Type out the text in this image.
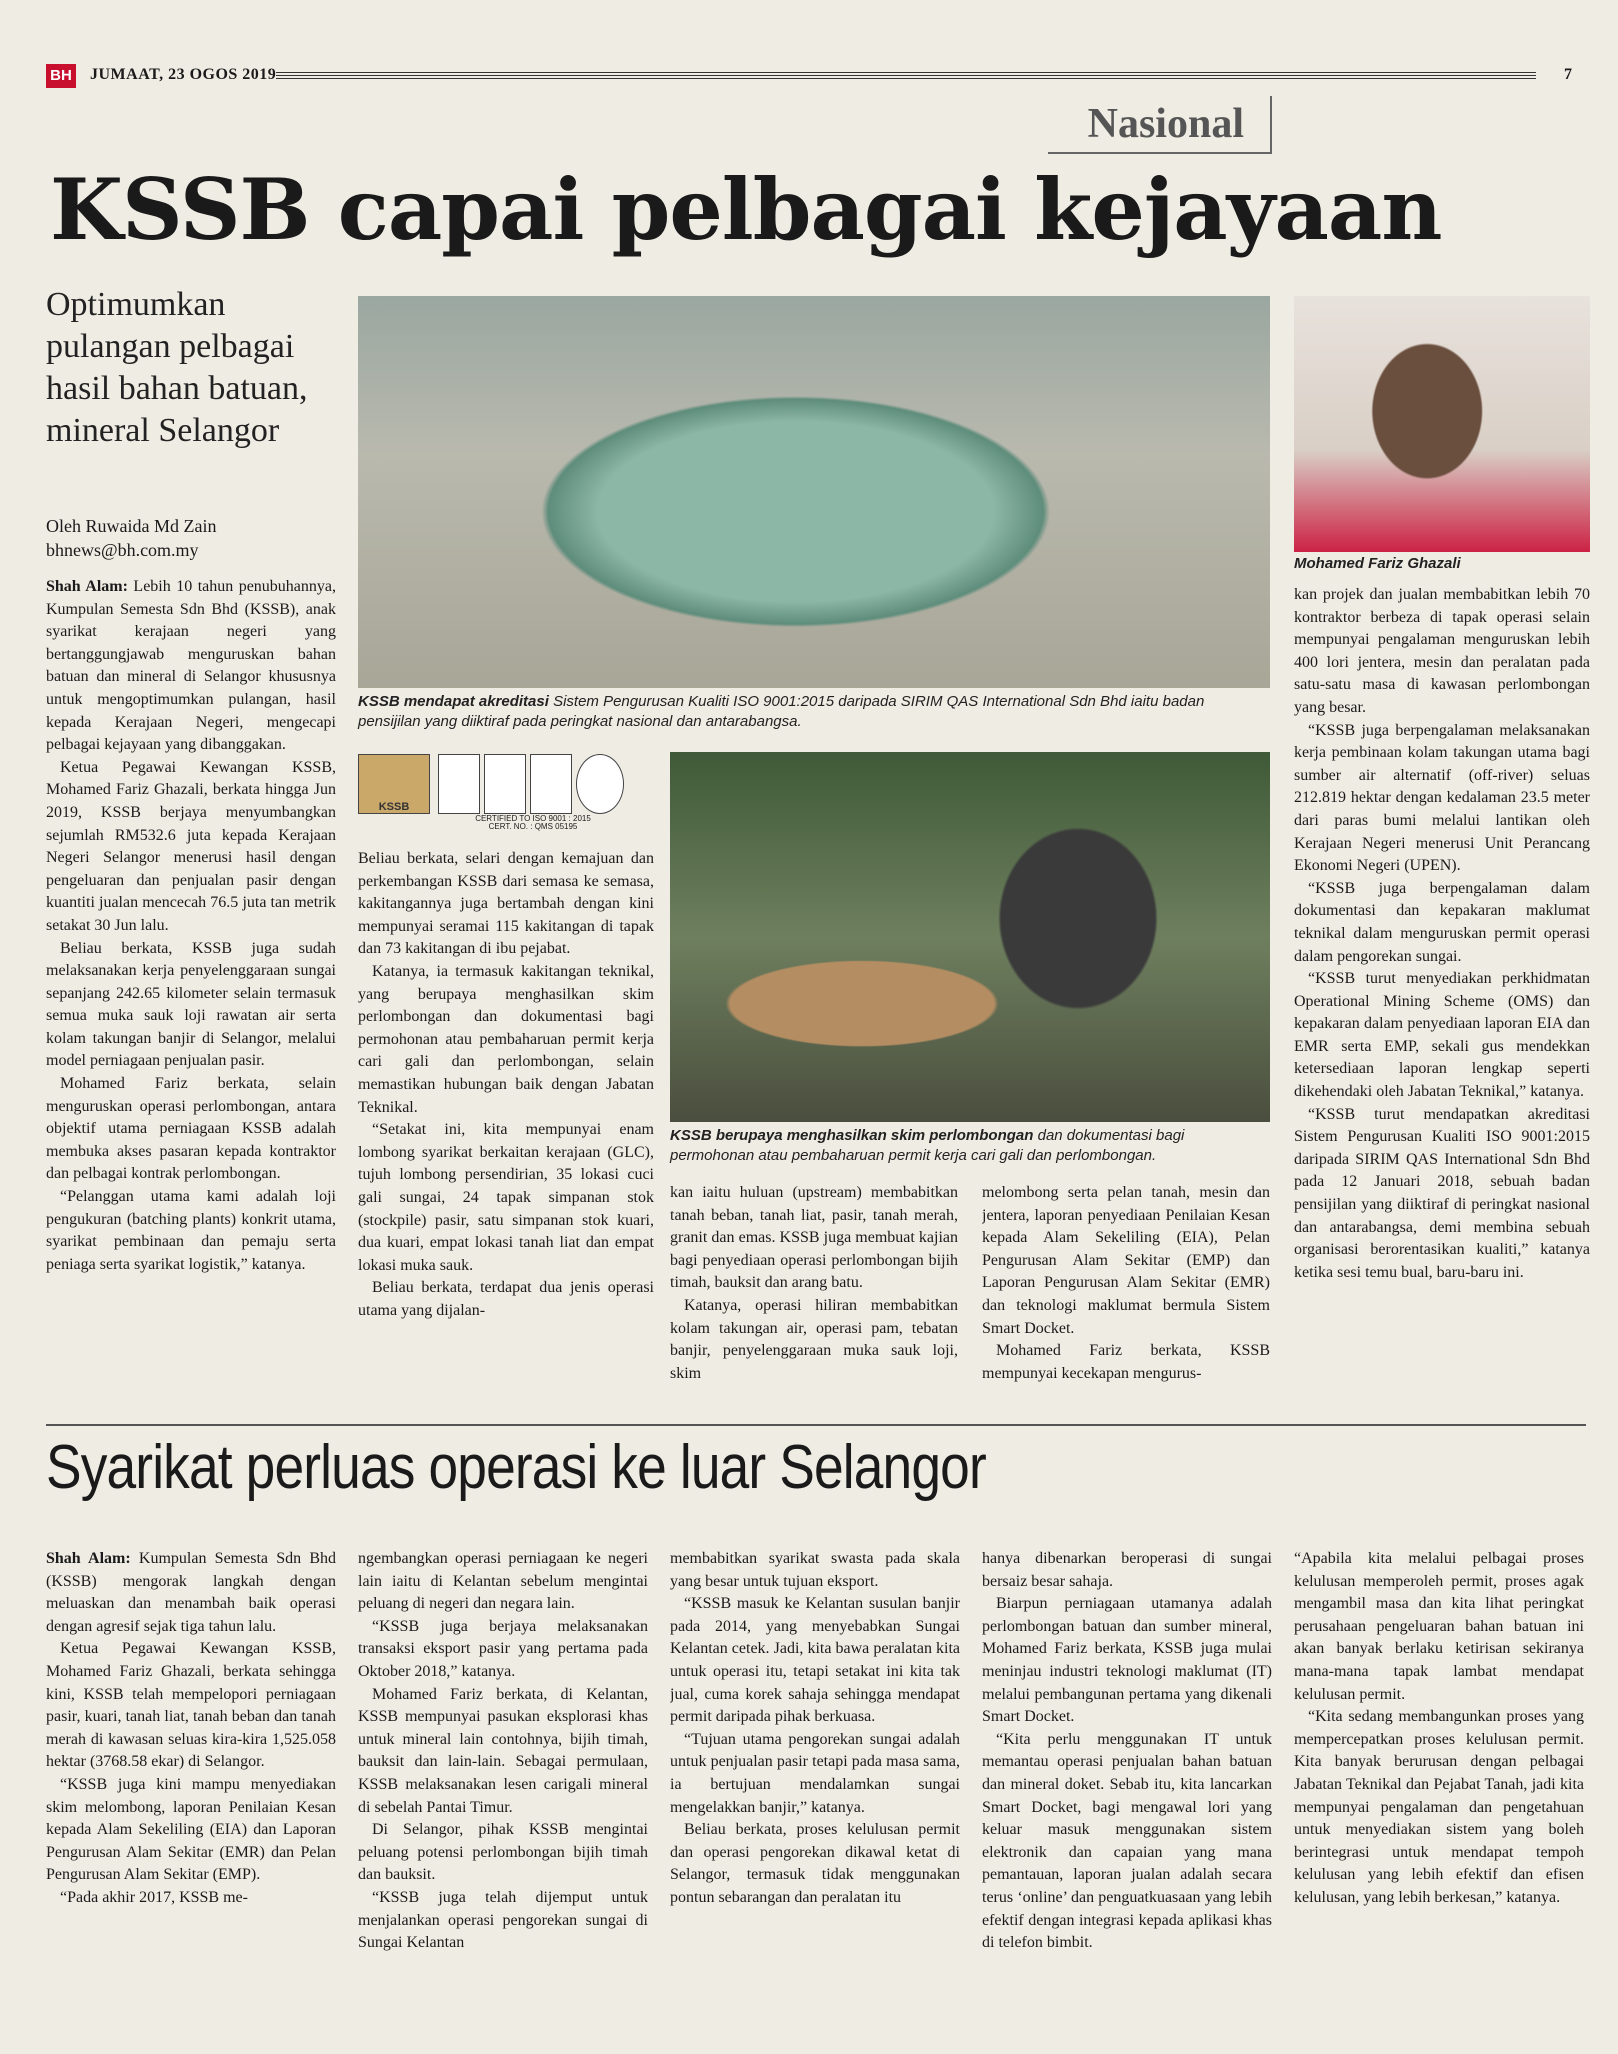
BH JUMAAT, 23 OGOS 2019	7
Nasional
KSSB capai pelbagai kejayaan
Optimumkan pulangan pelbagai hasil bahan batuan, mineral Selangor
Oleh Ruwaida Md Zain
bhnews@bh.com.my
KSSB mendapat akreditasi Sistem Pengurusan Kualiti ISO 9001:2015 daripada SIRIM QAS International Sdn Bhd iaitu badan pensijilan yang diiktiraf pada peringkat nasional dan antarabangsa.
Mohamed Fariz Ghazali
KSSB
CERTIFIED TO ISO 9001 : 2015
CERT. NO. : QMS 05195
KSSB berupaya menghasilkan skim perlombongan dan dokumentasi bagi permohonan atau pembaharuan permit kerja cari gali dan perlombongan.

Shah Alam: Lebih 10 tahun penubuhannya, Kumpulan Semesta Sdn Bhd (KSSB), anak syarikat kerajaan negeri yang bertanggungjawab menguruskan bahan batuan dan mineral di Selangor khususnya untuk mengoptimumkan pulangan, hasil kepada Kerajaan Negeri, mengecapi pelbagai kejayaan yang dibanggakan.

Ketua Pegawai Kewangan KSSB, Mohamed Fariz Ghazali, berkata hingga Jun 2019, KSSB berjaya menyumbangkan sejumlah RM532.6 juta kepada Kerajaan Negeri Selangor menerusi hasil dengan pengeluaran dan penjualan pasir dengan kuantiti jualan mencecah 76.5 juta tan metrik setakat 30 Jun lalu.

Beliau berkata, KSSB juga sudah melaksanakan kerja penyelenggaraan sungai sepanjang 242.65 kilometer selain termasuk semua muka sauk loji rawatan air serta kolam takungan banjir di Selangor, melalui model perniagaan penjualan pasir.

Mohamed Fariz berkata, selain menguruskan operasi perlombongan, antara objektif utama perniagaan KSSB adalah membuka akses pasaran kepada kontraktor dan pelbagai kontrak perlombongan.

“Pelanggan utama kami adalah loji pengukuran (batching plants) konkrit utama, syarikat pembinaan dan pemaju serta peniaga serta syarikat logistik,” katanya.

Beliau berkata, selari dengan kemajuan dan perkembangan KSSB dari semasa ke semasa, kakitangannya juga bertambah dengan kini mempunyai seramai 115 kakitangan di tapak dan 73 kakitangan di ibu pejabat.

Katanya, ia termasuk kakitangan teknikal, yang berupaya menghasilkan skim perlombongan dan dokumentasi bagi permohonan atau pembaharuan permit kerja cari gali dan perlombongan, selain memastikan hubungan baik dengan Jabatan Teknikal.

“Setakat ini, kita mempunyai enam lombong syarikat berkaitan kerajaan (GLC), tujuh lombong persendirian, 35 lokasi cuci gali sungai, 24 tapak simpanan stok (stockpile) pasir, satu simpanan stok kuari, dua kuari, empat lokasi tanah liat dan empat lokasi muka sauk.

Beliau berkata, terdapat dua jenis operasi utama yang dijalan-

kan iaitu huluan (upstream) membabitkan tanah beban, tanah liat, pasir, tanah merah, granit dan emas. KSSB juga membuat kajian bagi penyediaan operasi perlombongan bijih timah, bauksit dan arang batu.

Katanya, operasi hiliran membabitkan kolam takungan air, operasi pam, tebatan banjir, penyelenggaraan muka sauk loji, skim

melombong serta pelan tanah, mesin dan jentera, laporan penyediaan Penilaian Kesan kepada Alam Sekeliling (EIA), Pelan Pengurusan Alam Sekitar (EMP) dan Laporan Pengurusan Alam Sekitar (EMR) dan teknologi maklumat bermula Sistem Smart Docket.

Mohamed Fariz berkata, KSSB mempunyai kecekapan mengurus-

kan projek dan jualan membabitkan lebih 70 kontraktor berbeza di tapak operasi selain mempunyai pengalaman menguruskan lebih 400 lori jentera, mesin dan peralatan pada satu-satu masa di kawasan perlombongan yang besar.

“KSSB juga berpengalaman melaksanakan kerja pembinaan kolam takungan utama bagi sumber air alternatif (off-river) seluas 212.819 hektar dengan kedalaman 23.5 meter dari paras bumi melalui lantikan oleh Kerajaan Negeri menerusi Unit Perancang Ekonomi Negeri (UPEN).

“KSSB juga berpengalaman dalam dokumentasi dan kepakaran maklumat teknikal dalam menguruskan permit operasi dalam pengorekan sungai.

“KSSB turut menyediakan perkhidmatan Operational Mining Scheme (OMS) dan kepakaran dalam penyediaan laporan EIA dan EMR serta EMP, sekali gus mendekkan ketersediaan laporan lengkap seperti dikehendaki oleh Jabatan Teknikal,” katanya.

“KSSB turut mendapatkan akreditasi Sistem Pengurusan Kualiti ISO 9001:2015 daripada SIRIM QAS International Sdn Bhd pada 12 Januari 2018, sebuah badan pensijilan yang diiktiraf di peringkat nasional dan antarabangsa, demi membina sebuah organisasi berorentasikan kualiti,” katanya ketika sesi temu bual, baru-baru ini.

Syarikat perluas operasi ke luar Selangor

Shah Alam: Kumpulan Semesta Sdn Bhd (KSSB) mengorak langkah dengan meluaskan dan menambah baik operasi dengan agresif sejak tiga tahun lalu.

Ketua Pegawai Kewangan KSSB, Mohamed Fariz Ghazali, berkata sehingga kini, KSSB telah mempelopori perniagaan pasir, kuari, tanah liat, tanah beban dan tanah merah di kawasan seluas kira-kira 1,525.058 hektar (3768.58 ekar) di Selangor.

“KSSB juga kini mampu menyediakan skim melombong, laporan Penilaian Kesan kepada Alam Sekeliling (EIA) dan Laporan Pengurusan Alam Sekitar (EMR) dan Pelan Pengurusan Alam Sekitar (EMP).

“Pada akhir 2017, KSSB me-

ngembangkan operasi perniagaan ke negeri lain iaitu di Kelantan sebelum mengintai peluang di negeri dan negara lain.

“KSSB juga berjaya melaksanakan transaksi eksport pasir yang pertama pada Oktober 2018,” katanya.

Mohamed Fariz berkata, di Kelantan, KSSB mempunyai pasukan eksplorasi khas untuk mineral lain contohnya, bijih timah, bauksit dan lain-lain. Sebagai permulaan, KSSB melaksanakan lesen carigali mineral di sebelah Pantai Timur.

Di Selangor, pihak KSSB mengintai peluang potensi perlombongan bijih timah dan bauksit.

“KSSB juga telah dijemput untuk menjalankan operasi pengorekan sungai di Sungai Kelantan

membabitkan syarikat swasta pada skala yang besar untuk tujuan eksport.

“KSSB masuk ke Kelantan susulan banjir pada 2014, yang menyebabkan Sungai Kelantan cetek. Jadi, kita bawa peralatan kita untuk operasi itu, tetapi setakat ini kita tak jual, cuma korek sahaja sehingga mendapat permit daripada pihak berkuasa.

“Tujuan utama pengorekan sungai adalah untuk penjualan pasir tetapi pada masa sama, ia bertujuan mendalamkan sungai mengelakkan banjir,” katanya.

Beliau berkata, proses kelulusan permit dan operasi pengorekan dikawal ketat di Selangor, termasuk tidak menggunakan pontun sebarangan dan peralatan itu

hanya dibenarkan beroperasi di sungai bersaiz besar sahaja.

Biarpun perniagaan utamanya adalah perlombongan batuan dan sumber mineral, Mohamed Fariz berkata, KSSB juga mulai meninjau industri teknologi maklumat (IT) melalui pembangunan pertama yang dikenali Smart Docket.

“Kita perlu menggunakan IT untuk memantau operasi penjualan bahan batuan dan mineral doket. Sebab itu, kita lancarkan Smart Docket, bagi mengawal lori yang keluar masuk menggunakan sistem elektronik dan capaian yang mana pemantauan, laporan jualan adalah secara terus ‘online’ dan penguatkuasaan yang lebih efektif dengan integrasi kepada aplikasi khas di telefon bimbit.

“Apabila kita melalui pelbagai proses kelulusan memperoleh permit, proses agak mengambil masa dan kita lihat peringkat perusahaan pengeluaran bahan batuan ini akan banyak berlaku ketirisan sekiranya mana-mana tapak lambat mendapat kelulusan permit.

“Kita sedang membangunkan proses yang mempercepatkan proses kelulusan permit. Kita banyak berurusan dengan pelbagai Jabatan Teknikal dan Pejabat Tanah, jadi kita mempunyai pengalaman dan pengetahuan untuk menyediakan sistem yang boleh berintegrasi untuk mendapat tempoh kelulusan yang lebih efektif dan efisen kelulusan, yang lebih berkesan,” katanya.
